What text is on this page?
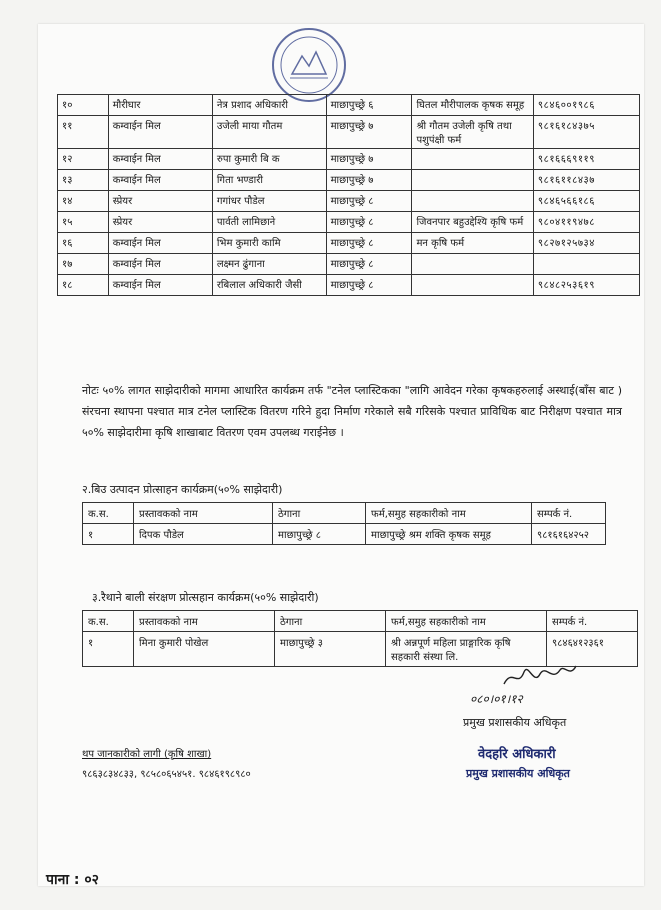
१०	मौरीघार	नेत्र प्रशाद अधिकारी	माछापुच्छ्रे ६	घितल मौरीपालक कृषक समूह	९८४६००१९८६
११	कम्वाईन मिल	उजेली माया गौतम	माछापुच्छ्रे ७	श्री गौतम उजेली कृषि तथा पशुपंक्षी फर्म	९८१६१८४३७५
१२	कम्वाईन मिल	रुपा कुमारी बि क	माछापुच्छ्रे ७		९८१६६६९११९
१३	कम्वाईन मिल	गिता भण्डारी	माछापुच्छ्रे ७		९८१६११८४३७
१४	स्प्रेयर	गगांधर पौडेल	माछापुच्छ्रे ८		९८४६५६६१८६
१५	स्प्रेयर	पार्वती लामिछाने	माछापुच्छ्रे ८	जिवनपार बहुउद्देश्यि कृषि फर्म	९८०४११९४७८
१६	कम्वाईन मिल	भिम कुमारी कामि	माछापुच्छ्रे ८	मन कृषि फर्म	९८२७१२५७३४
१७	कम्वाईन मिल	लक्ष्मन ढुंगाना	माछापुच्छ्रे ८		
१८	कम्वाईन मिल	रबिलाल अधिकारी जैसी	माछापुच्छ्रे ८		९८४८२५३६१९
नोटः ५०% लागत साझेदारीको मागमा आधारित कार्यक्रम तर्फ "टनेल प्लास्टिकका "लागि आवेदन गरेका कृषकहरुलाई अस्थाई(बाँस बाट ) संरचना स्थापना पश्चात मात्र टनेल प्लास्टिक वितरण गरिने हुदा निर्माण गरेकाले सबै गरिसके पश्चात प्राविधिक बाट निरीक्षण पश्चात मात्र ५०% साझेदारीमा कृषि शाखाबाट वितरण एवम उपलब्ध गराईनेछ ।
२.बिउ उत्पादन प्रोत्साहन कार्यक्रम(५०% साझेदारी)
क.स.	प्रस्तावकको नाम	ठेगाना	फर्म,समुह सहकारीको नाम	सम्पर्क नं.
१	दिपक पौडेल	माछापुच्छ्रे ८	माछापुच्छ्रे श्रम शक्ति कृषक समूह	९८१६१६४२५२
३.रैथाने बाली संरक्षण प्रोत्सहान कार्यक्रम(५०% साझेदारी)
क.स.	प्रस्तावकको नाम	ठेगाना	फर्म,समुह सहकारीको नाम	सम्पर्क नं.
१	मिना कुमारी पोखेल	माछापुच्छ्रे ३	श्री अन्नपूर्ण महिला प्राङ्गारिक कृषि सहकारी संस्था लि.	९८४६४१२३६१
०८०।०१।१२
प्रमुख प्रशासकीय अधिकृत
थप जानकारीको लागी (कृषि शाखा)
९८६३८३४८३३, ९८५८०६५४५१. ९८४६१९८९८०
वेदहरि अधिकारी
प्रमुख प्रशासकीय अधिकृत
पाना : ०२
